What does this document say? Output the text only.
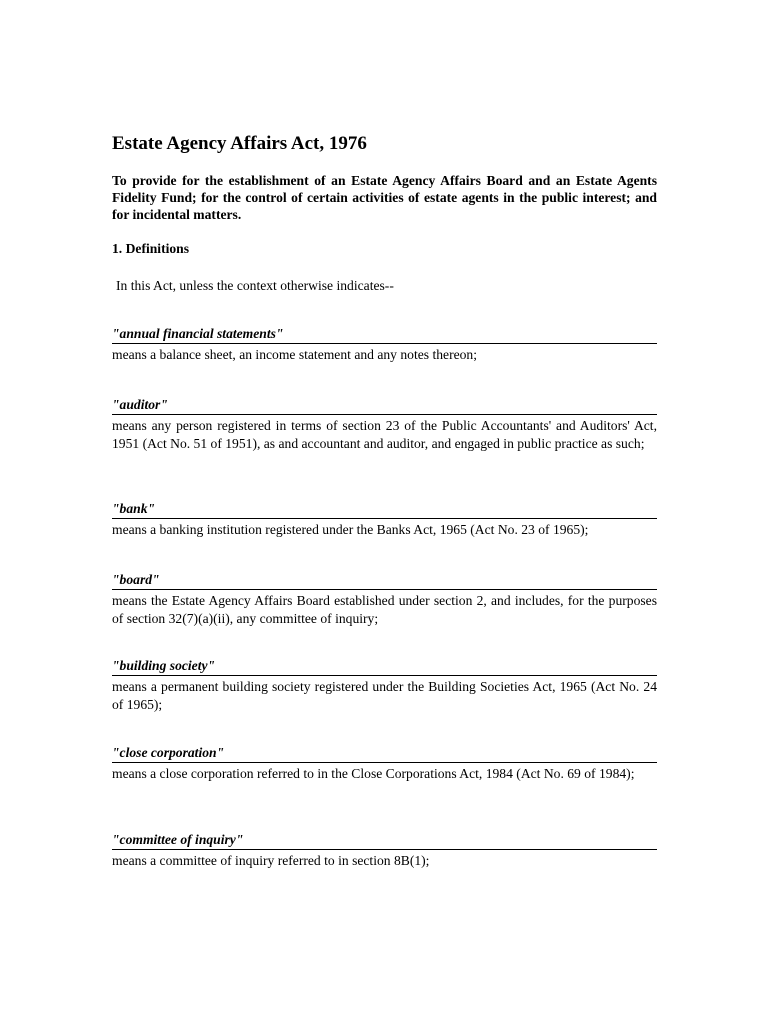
Estate Agency Affairs Act, 1976

To provide for the establishment of an Estate Agency Affairs Board and an Estate Agents Fidelity Fund; for the control of certain activities of estate agents in the public interest; and for incidental matters.

1. Definitions

In this Act, unless the context otherwise indicates--

"annual financial statements"

means a balance sheet, an income statement and any notes thereon;

"auditor"

means any person registered in terms of section 23 of the Public Accountants' and Auditors' Act, 1951 (Act No. 51 of 1951), as and accountant and auditor, and engaged in public practice as such;

"bank"

means a banking institution registered under the Banks Act, 1965 (Act No. 23 of 1965);

"board"

means the Estate Agency Affairs Board established under section 2, and includes, for the purposes of section 32(7)(a)(ii), any committee of inquiry;

"building society"

means a permanent building society registered under the Building Societies Act, 1965 (Act No. 24 of 1965);

"close corporation"

means a close corporation referred to in the Close Corporations Act, 1984 (Act No. 69 of 1984);

"committee of inquiry"

means a committee of inquiry referred to in section 8B(1);
